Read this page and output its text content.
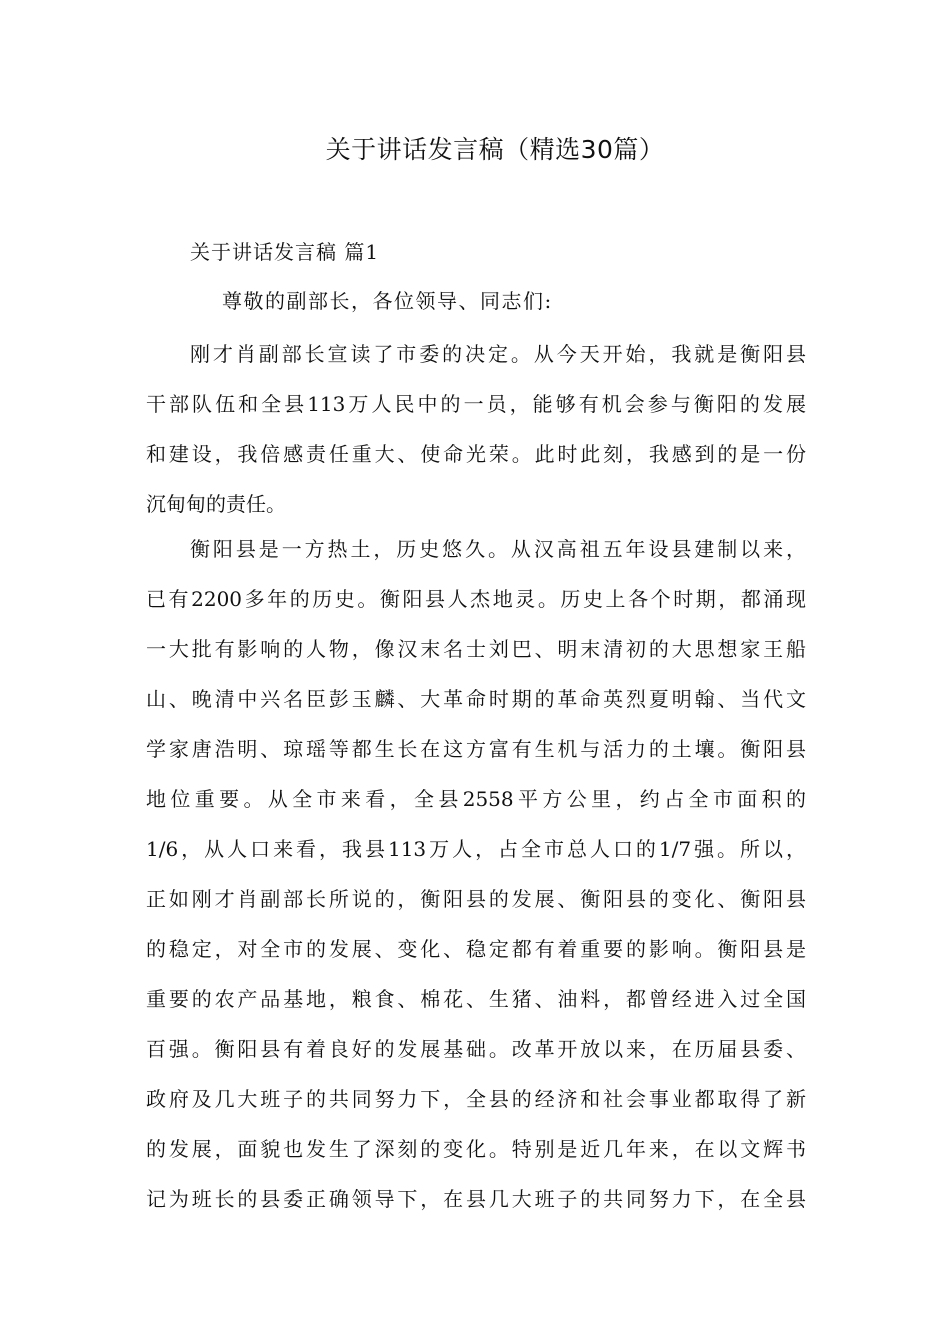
关于讲话发言稿（精选30篇）
关于讲话发言稿 篇1

尊敬的副部长，各位领导、同志们:

刚才肖副部长宣读了市委的决定。从今天开始，我就是衡阳县
干部队伍和全县113万人民中的一员，能够有机会参与衡阳的发展
和建设，我倍感责任重大、使命光荣。此时此刻，我感到的是一份
沉甸甸的责任。
衡阳县是一方热土，历史悠久。从汉高祖五年设县建制以来，
已有2200多年的历史。衡阳县人杰地灵。历史上各个时期，都涌现
一大批有影响的人物，像汉末名士刘巴、明末清初的大思想家王船
山、晚清中兴名臣彭玉麟、大革命时期的革命英烈夏明翰、当代文
学家唐浩明、琼瑶等都生长在这方富有生机与活力的土壤。衡阳县
地位重要。从全市来看，全县2558平方公里，约占全市面积的
1/6，从人口来看，我县113万人，占全市总人口的1/7强。所以，
正如刚才肖副部长所说的，衡阳县的发展、衡阳县的变化、衡阳县
的稳定，对全市的发展、变化、稳定都有着重要的影响。衡阳县是
重要的农产品基地，粮食、棉花、生猪、油料，都曾经进入过全国
百强。衡阳县有着良好的发展基础。改革开放以来，在历届县委、
政府及几大班子的共同努力下，全县的经济和社会事业都取得了新
的发展，面貌也发生了深刻的变化。特别是近几年来，在以文辉书
记为班长的县委正确领导下，在县几大班子的共同努力下，在全县
